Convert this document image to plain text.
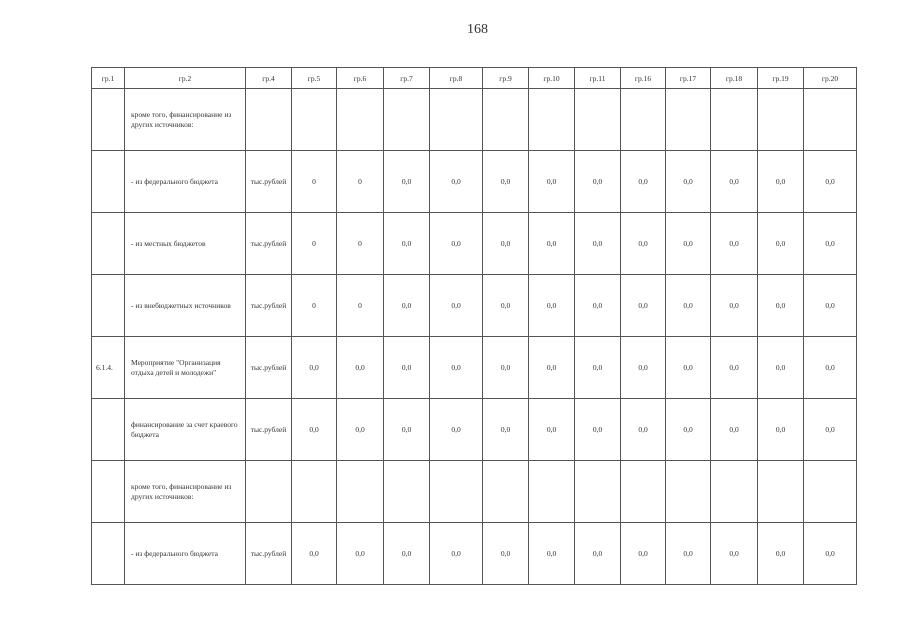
168
гр.1	гр.2	гр.4	гр.5	гр.6	гр.7	гр.8	гр.9	гр.10	гр.11	гр.16	гр.17	гр.18	гр.19	гр.20
	кроме того, финансирование из других источников:													
	- из федерального бюджета	тыс.рублей	0	0	0,0	0,0	0,0	0,0	0,0	0,0	0,0	0,0	0,0	0,0
	- из местных бюджетов	тыс.рублей	0	0	0,0	0,0	0,0	0,0	0,0	0,0	0,0	0,0	0,0	0,0
	- из внебюджетных источников	тыс.рублей	0	0	0,0	0,0	0,0	0,0	0,0	0,0	0,0	0,0	0,0	0,0
6.1.4.	Мероприятие "Организация отдыха детей и молодежи"	тыс.рублей	0,0	0,0	0,0	0,0	0,0	0,0	0,0	0,0	0,0	0,0	0,0	0,0
	финансирование за счет краевого бюджета	тыс.рублей	0,0	0,0	0,0	0,0	0,0	0,0	0,0	0,0	0,0	0,0	0,0	0,0
	кроме того, финансирование из других источников:													
	- из федерального бюджета	тыс.рублей	0,0	0,0	0,0	0,0	0,0	0,0	0,0	0,0	0,0	0,0	0,0	0,0
